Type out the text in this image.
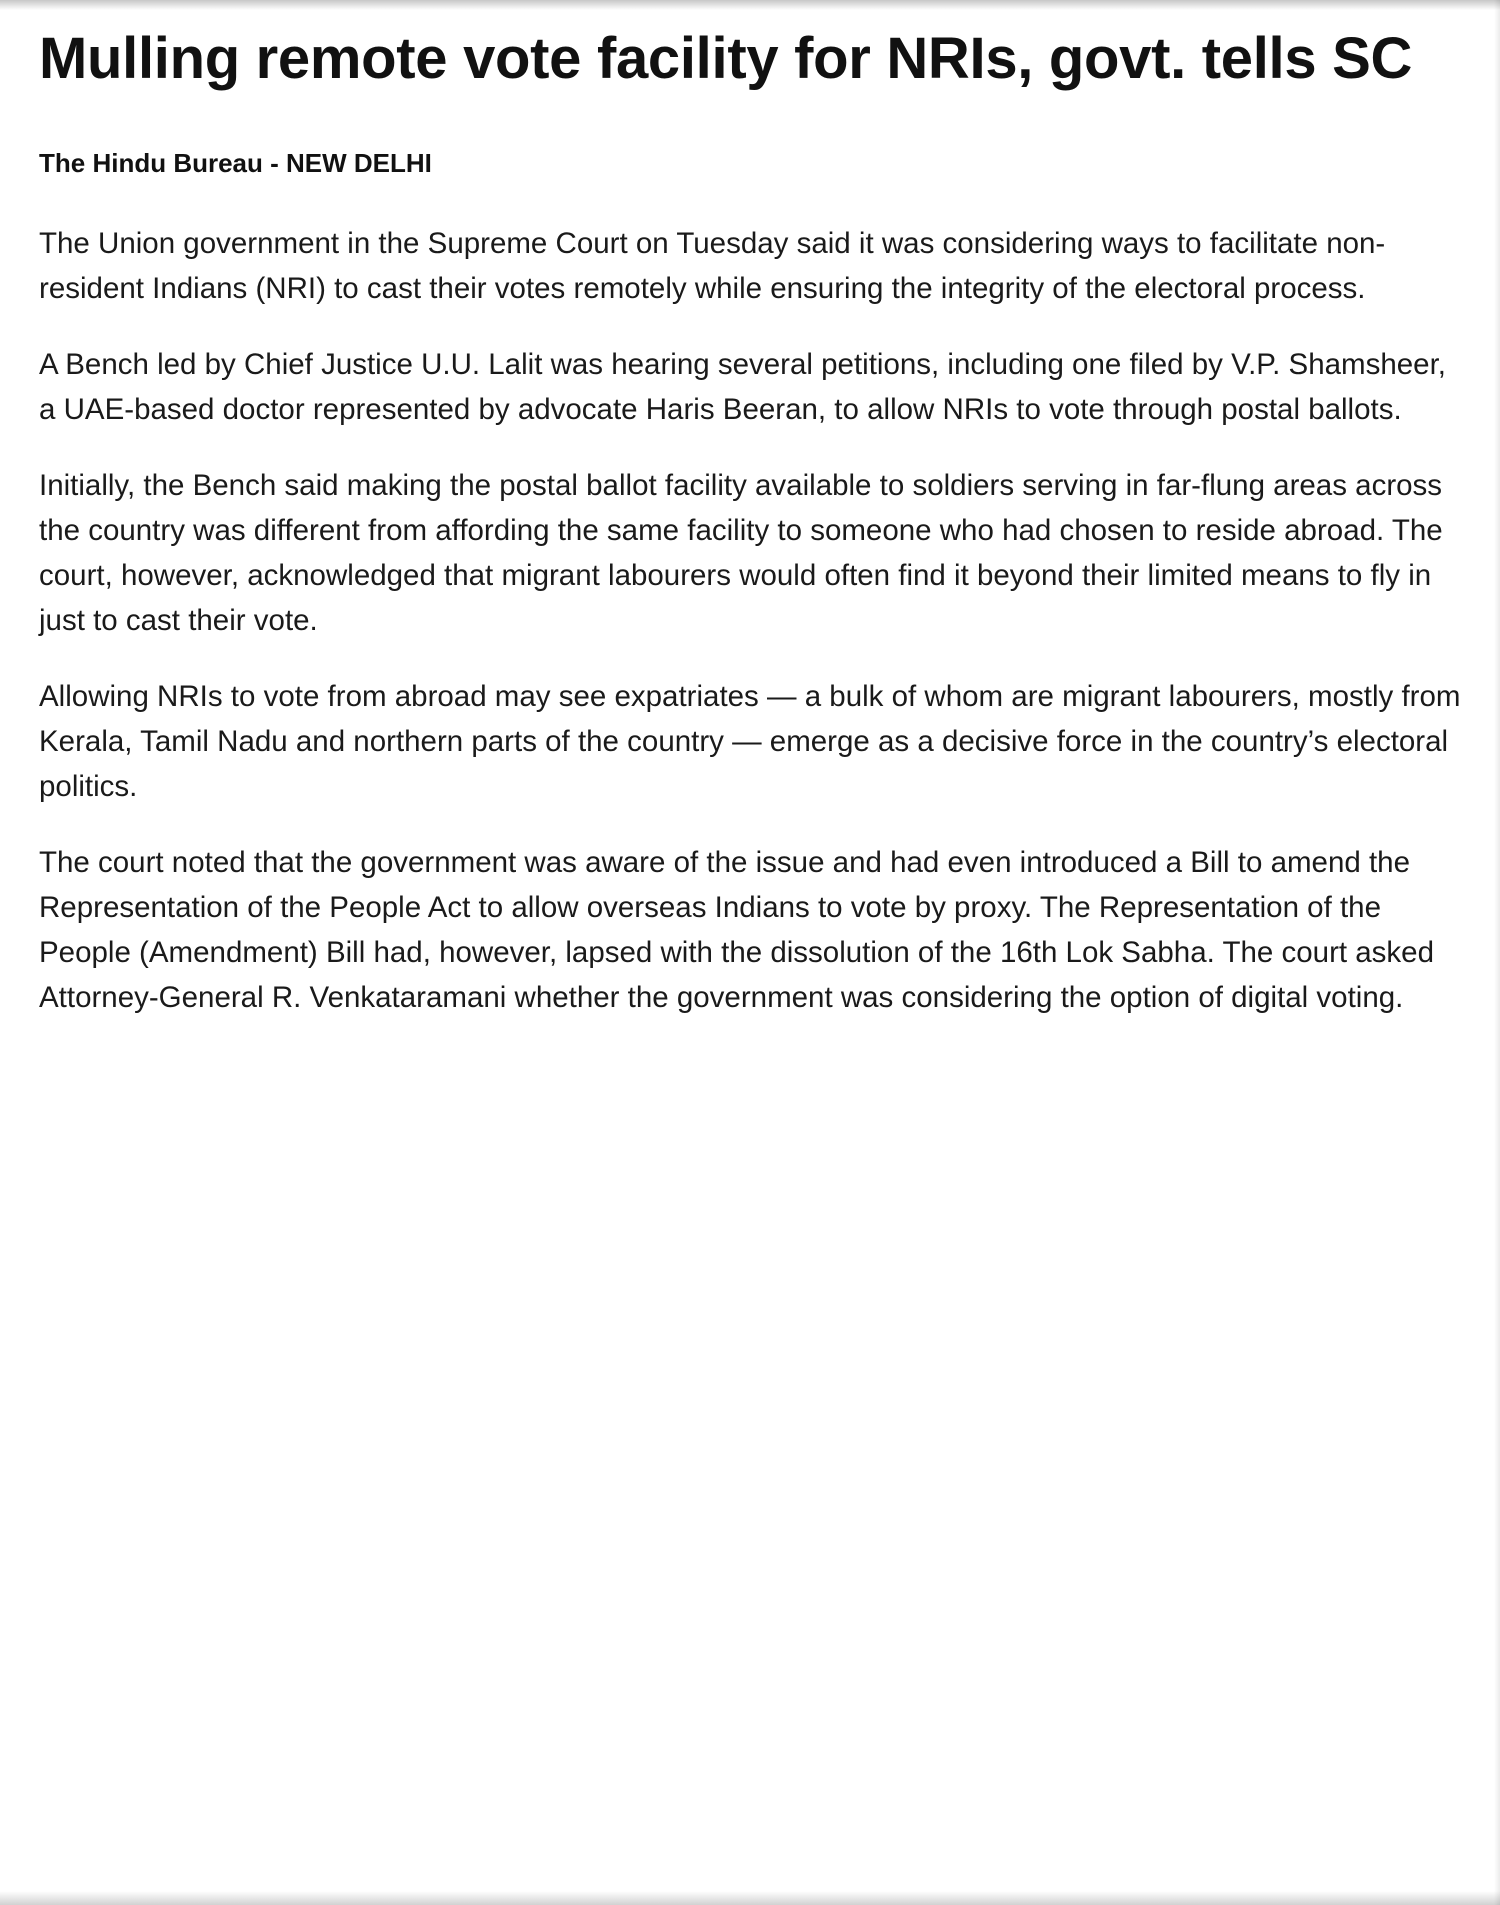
Mulling remote vote facility for NRIs, govt. tells SC
The Hindu Bureau - NEW DELHI

The Union government in the Supreme Court on Tuesday said it was considering ways to facilitate non-resident Indians (NRI) to cast their votes remotely while ensuring the integrity of the electoral process.

A Bench led by Chief Justice U.U. Lalit was hearing several petitions, including one filed by V.P. Shamsheer, a UAE-based doctor represented by advocate Haris Beeran, to allow NRIs to vote through postal ballots.

Initially, the Bench said making the postal ballot facility available to soldiers serving in far-flung areas across the country was different from affording the same facility to someone who had chosen to reside abroad. The court, however, acknowledged that migrant labourers would often find it beyond their limited means to fly in just to cast their vote.

Allowing NRIs to vote from abroad may see expatriates — a bulk of whom are migrant labourers, mostly from Kerala, Tamil Nadu and northern parts of the country — emerge as a decisive force in the country’s electoral politics.

The court noted that the government was aware of the issue and had even introduced a Bill to amend the Representation of the People Act to allow overseas Indians to vote by proxy. The Representation of the People (Amendment) Bill had, however, lapsed with the dissolution of the 16th Lok Sabha. The court asked Attorney-General R. Venkataramani whether the government was considering the option of digital voting.
